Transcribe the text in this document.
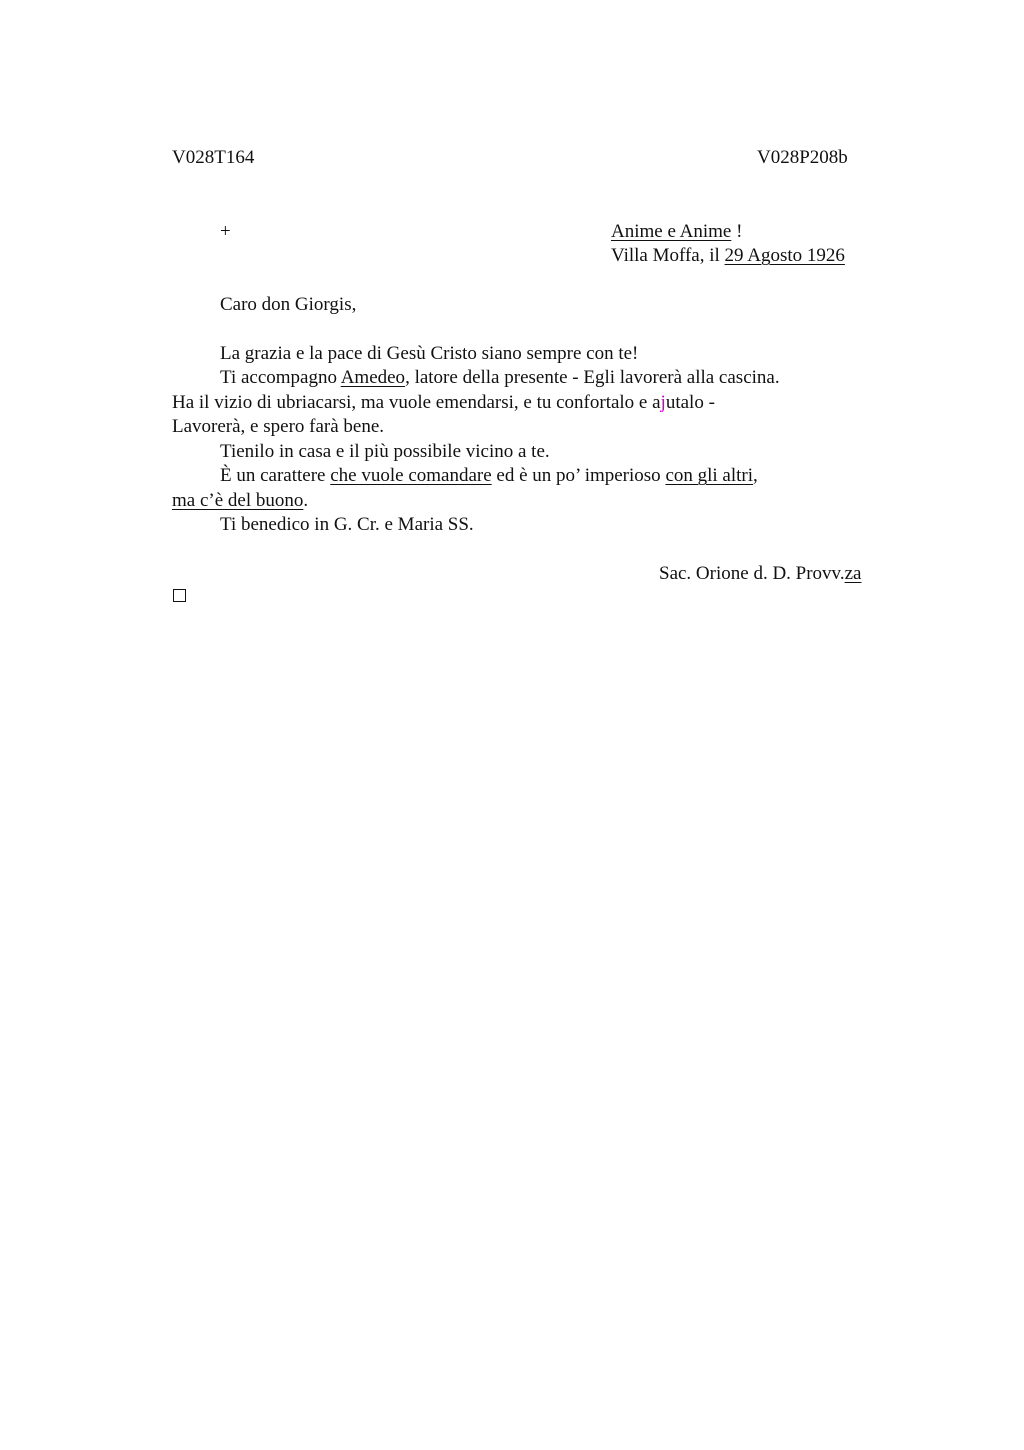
V028T164	V028P208b
+	Anime e Anime !
Villa Moffa, il 29 Agosto 1926
Caro don Giorgis,
La grazia e la pace di Gesù Cristo siano sempre con te!
Ti accompagno Amedeo, latore della presente - Egli lavorerà alla cascina.
Ha il vizio di ubriacarsi, ma vuole emendarsi, e tu confortalo e ajutalo -
Lavorerà, e spero farà bene.
Tienilo in casa e il più possibile vicino a te.
È un carattere che vuole comandare ed è un po’ imperioso con gli altri,
ma c’è del buono.
Ti benedico in G. Cr. e Maria SS.
Sac. Orione d. D. Provv.za
